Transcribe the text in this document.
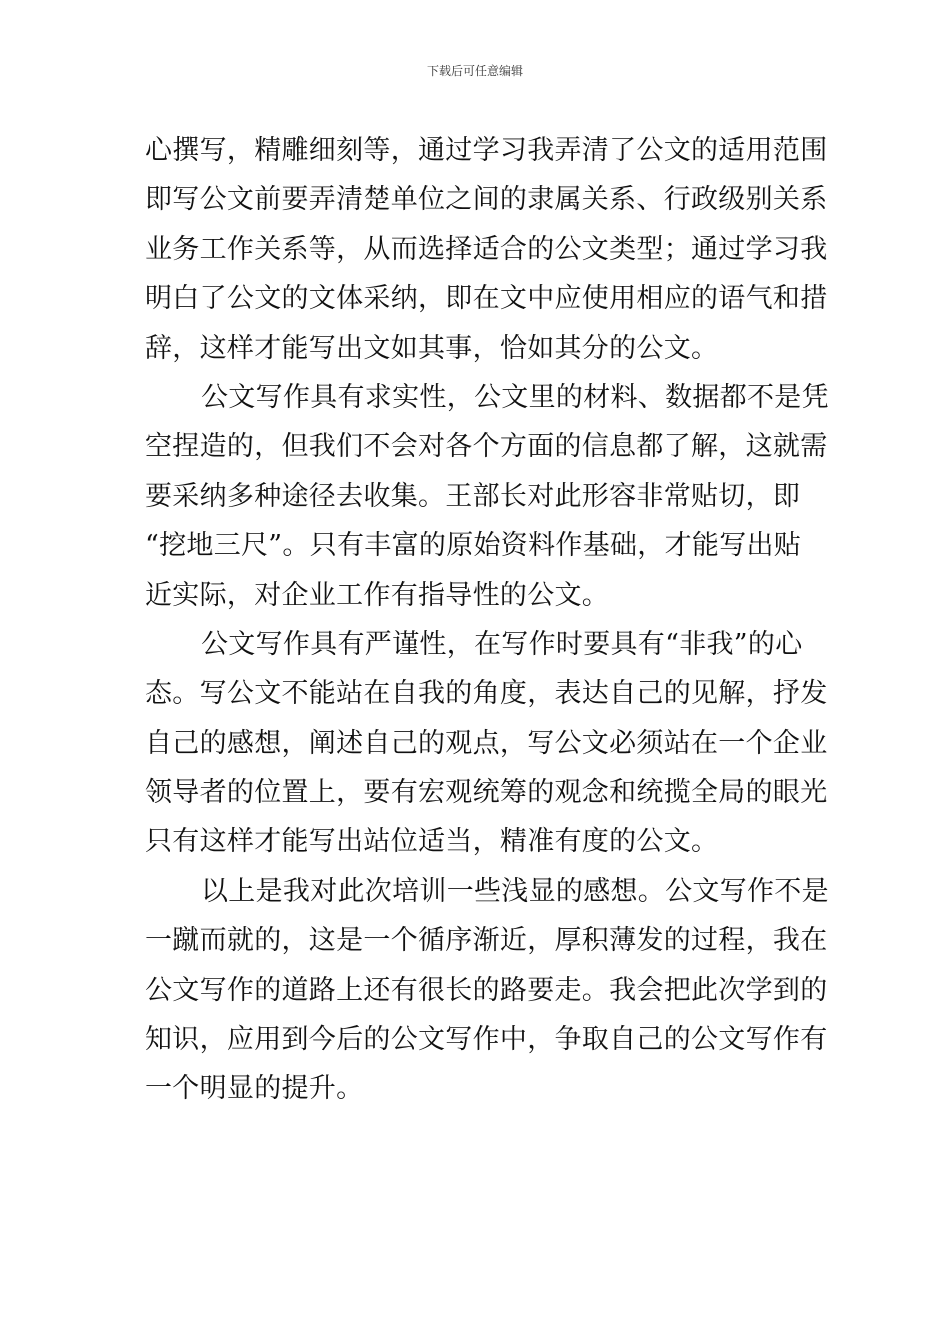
下载后可任意编辑
心撰写，精雕细刻等，通过学习我弄清了公文的适用范围
即写公文前要弄清楚单位之间的隶属关系、行政级别关系
业务工作关系等，从而选择适合的公文类型；通过学习我
明白了公文的文体采纳，即在文中应使用相应的语气和措
辞，这样才能写出文如其事，恰如其分的公文。
公文写作具有求实性，公文里的材料、数据都不是凭
空捏造的，但我们不会对各个方面的信息都了解，这就需
要采纳多种途径去收集。王部长对此形容非常贴切，即
“挖地三尺”。只有丰富的原始资料作基础，才能写出贴
近实际，对企业工作有指导性的公文。
公文写作具有严谨性，在写作时要具有“非我”的心
态。写公文不能站在自我的角度，表达自己的见解，抒发
自己的感想，阐述自己的观点，写公文必须站在一个企业
领导者的位置上，要有宏观统筹的观念和统揽全局的眼光
只有这样才能写出站位适当，精准有度的公文。
以上是我对此次培训一些浅显的感想。公文写作不是
一蹴而就的，这是一个循序渐近，厚积薄发的过程，我在
公文写作的道路上还有很长的路要走。我会把此次学到的
知识，应用到今后的公文写作中，争取自己的公文写作有
一个明显的提升。
